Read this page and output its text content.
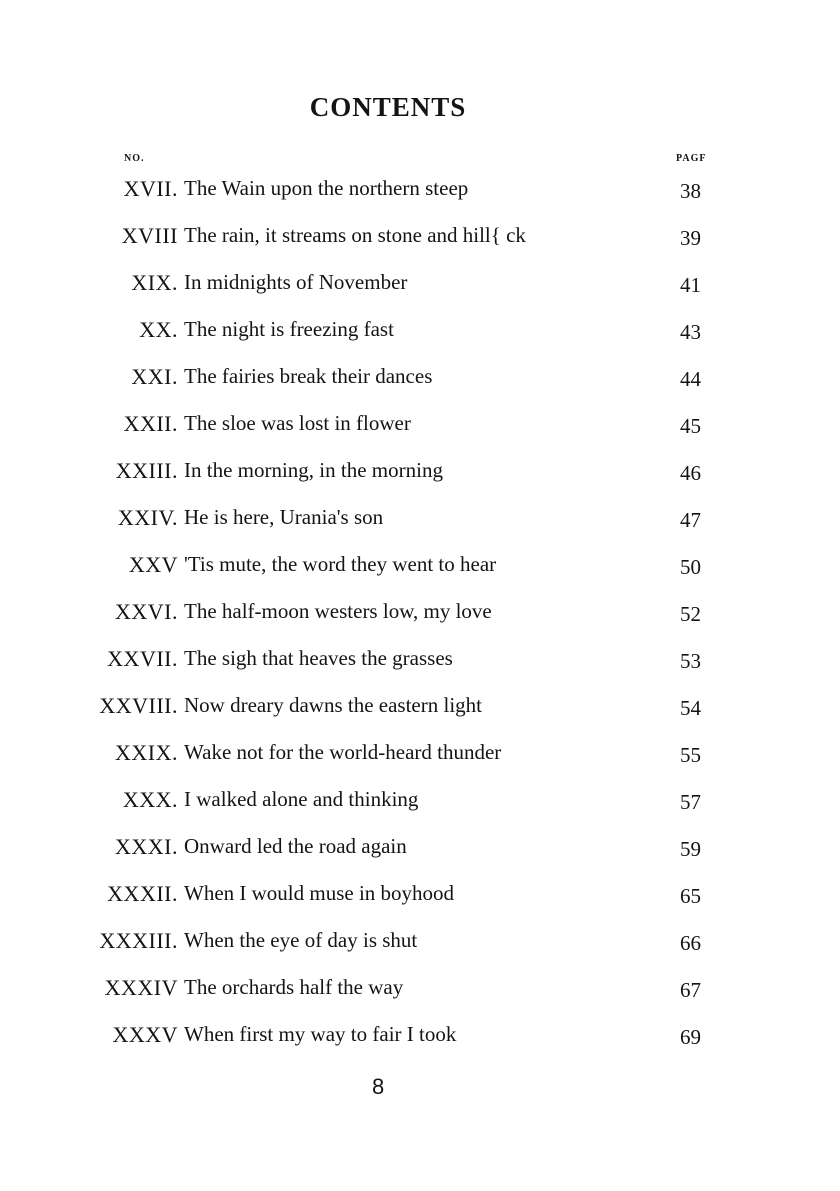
CONTENTS
NO.	PAGF
XVII. The Wain upon the northern steep	38
XVIII The rain, it streams on stone and hill{ ck	39
XIX. In midnights of November	41
XX. The night is freezing fast	43
XXI. The fairies break their dances	44
XXII. The sloe was lost in flower	45
XXIII. In the morning, in the morning	46
XXIV. He is here, Urania's son	47
XXV 'Tis mute, the word they went to hear	50
XXVI. The half-moon westers low, my love	52
XXVII. The sigh that heaves the grasses	53
XXVIII. Now dreary dawns the eastern light	54
XXIX. Wake not for the world-heard thunder	55
XXX. I walked alone and thinking	57
XXXI. Onward led the road again	59
XXXII. When I would muse in boyhood	65
XXXIII. When the eye of day is shut	66
XXXIV The orchards half the way	67
XXXV When first my way to fair I took	69
8
